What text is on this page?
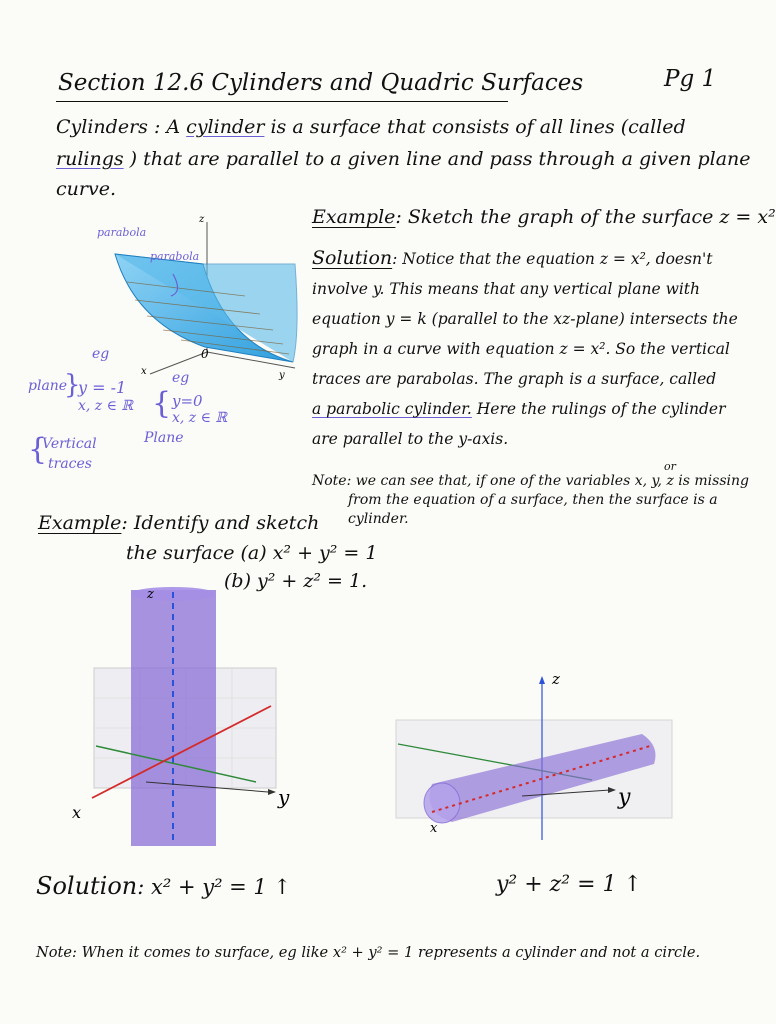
Section 12.6 Cylinders and Quadric Surfaces	Pg 1
Cylinders : A cylinder is a surface that consists of all lines (called
rulings ) that are parallel to a given line and pass through a given plane
curve.
z
x	y
0
parabola
parabola
eg
plane
}
y = -1
x, z ∈ ℝ
eg
{ y=0
x, z ∈ ℝ
Plane
{
Vertical
traces
Example: Sketch the graph of the surface z = x²
Solution: Notice that the equation z = x², doesn't
involve y. This means that any vertical plane with
equation y = k (parallel to the xz-plane) intersects the
graph in a curve with equation z = x². So the vertical
traces are parabolas. The graph is a surface, called
a parabolic cylinder. Here the rulings of the cylinder
are parallel to the y-axis.
or
Note: we can see that, if one of the variables x, y, z is missing
from the equation of a surface, then the surface is a
cylinder.
Example: Identify and sketch
the surface (a) x² + y² = 1
(b) y² + z² = 1.
z
y
x
z
y
x
Solution: x² + y² = 1 ↑	y² + z² = 1 ↑
Note: When it comes to surface, eg like x² + y² = 1 represents a cylinder and not a circle.
